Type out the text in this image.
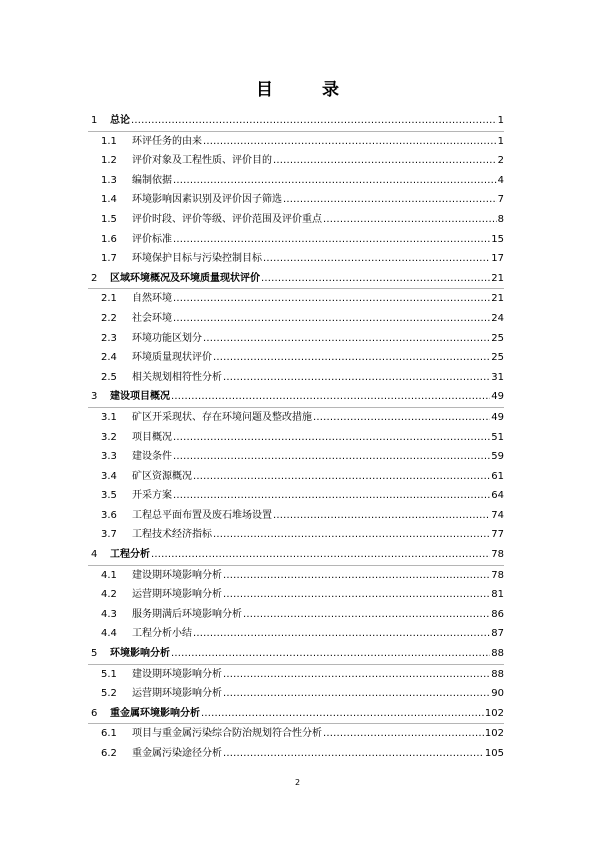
目　录
1 总论 .....	1
1.1 环评任务的由来 .....	1
1.2 评价对象及工程性质、评价目的 .....	2
1.3 编制依据 .....	4
1.4 环境影响因素识别及评价因子筛选 .....	7
1.5 评价时段、评价等级、评价范围及评价重点 .....	8
1.6 评价标准 .....	15
1.7 环境保护目标与污染控制目标 .....	17
2 区域环境概况及环境质量现状评价 .....	21
2.1 自然环境 .....	21
2.2 社会环境 .....	24
2.3 环境功能区划分 .....	25
2.4 环境质量现状评价 .....	25
2.5 相关规划相符性分析 .....	31
3 建设项目概况 .....	49
3.1 矿区开采现状、存在环境问题及整改措施 .....	49
3.2 项目概况 .....	51
3.3 建设条件 .....	59
3.4 矿区资源概况 .....	61
3.5 开采方案 .....	64
3.6 工程总平面布置及废石堆场设置 .....	74
3.7 工程技术经济指标 .....	77
4 工程分析 .....	78
4.1 建设期环境影响分析 .....	78
4.2 运营期环境影响分析 .....	81
4.3 服务期满后环境影响分析 .....	86
4.4 工程分析小结 .....	87
5 环境影响分析 .....	88
5.1 建设期环境影响分析 .....	88
5.2 运营期环境影响分析 .....	90
6 重金属环境影响分析 .....	102
6.1 项目与重金属污染综合防治规划符合性分析 .....	102
6.2 重金属污染途径分析 .....	105
2
